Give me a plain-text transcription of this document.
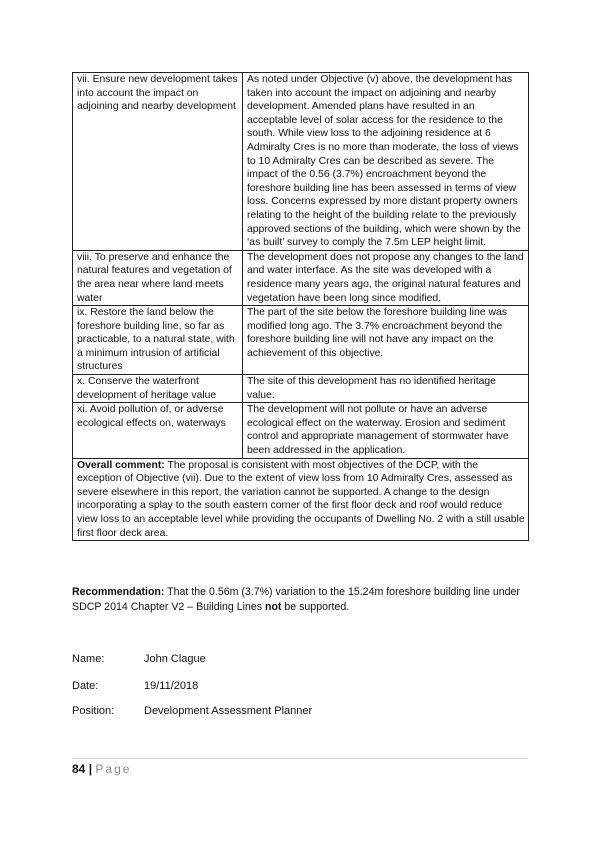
vii. Ensure new development takes into account the impact on adjoining and nearby development	As noted under Objective (v) above, the development has taken into account the impact on adjoining and nearby development. Amended plans have resulted in an acceptable level of solar access for the residence to the south. While view loss to the adjoining residence at 6 Admiralty Cres is no more than moderate, the loss of views to 10 Admiralty Cres can be described as severe. The impact of the 0.56 (3.7%) encroachment beyond the foreshore building line has been assessed in terms of view loss. Concerns expressed by more distant property owners relating to the height of the building relate to the previously approved sections of the building, which were shown by the ‘as built’ survey to comply the 7.5m LEP height limit.
viii. To preserve and enhance the natural features and vegetation of the area near where land meets water	The development does not propose any changes to the land and water interface. As the site was developed with a residence many years ago, the original natural features and vegetation have been long since modified.
ix. Restore the land below the foreshore building line, so far as practicable, to a natural state, with a minimum intrusion of artificial structures	The part of the site below the foreshore building line was modified long ago. The 3.7% encroachment beyond the foreshore building line will not have any impact on the achievement of this objective.
x. Conserve the waterfront development of heritage value	The site of this development has no identified heritage value.
xi. Avoid pollution of, or adverse ecological effects on, waterways	The development will not pollute or have an adverse ecological effect on the waterway. Erosion and sediment control and appropriate management of stormwater have been addressed in the application.
Overall comment: The proposal is consistent with most objectives of the DCP, with the exception of Objective (vii). Due to the extent of view loss from 10 Admiralty Cres, assessed as severe elsewhere in this report, the variation cannot be supported. A change to the design incorporating a splay to the south eastern corner of the first floor deck and roof would reduce view loss to an acceptable level while providing the occupants of Dwelling No. 2 with a still usable first floor deck area.	
Recommendation: That the 0.56m (3.7%) variation to the 15.24m foreshore building line under SDCP 2014 Chapter V2 – Building Lines not be supported.
Name:	John Clague
Date:	19/11/2018
Position:	Development Assessment Planner
84 | Page
